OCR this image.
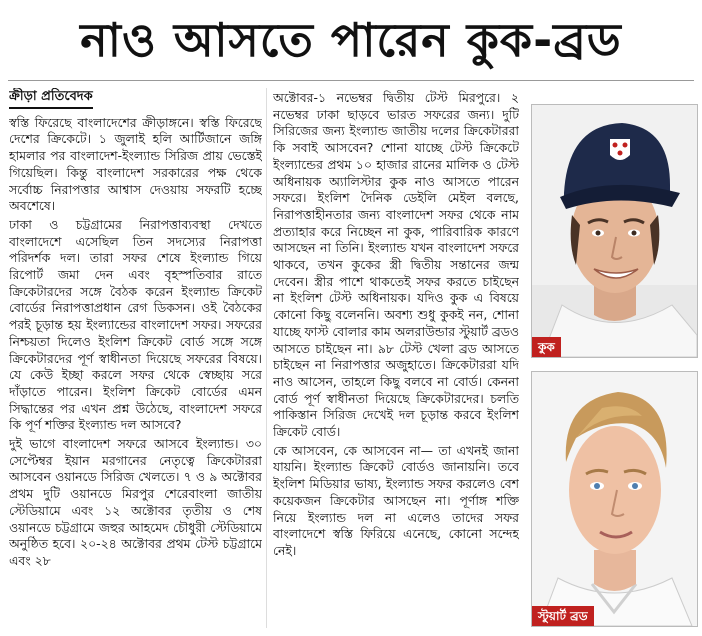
নাও আসতে পারেন কুক-ব্রড
ক্রীড়া প্রতিবেদক

স্বস্তি ফিরেছে বাংলাদেশের ক্রীড়াঙ্গনে। স্বস্তি ফিরেছে দেশের ক্রিকেটে। ১ জুলাই হলি আর্টিজানে জঙ্গি হামলার পর বাংলাদেশ-ইংল্যান্ড সিরিজ প্রায় ভেস্তেই গিয়েছিল। কিন্তু বাংলাদেশ সরকারের পক্ষ থেকে সর্বোচ্চ নিরাপত্তার আশ্বাস দেওয়ায় সফরটি হচ্ছে অবশেষে।

ঢাকা ও চট্টগ্রামের নিরাপত্তাব্যবস্থা দেখতে বাংলাদেশে এসেছিল তিন সদস্যের নিরাপত্তা পরিদর্শক দল। তারা সফর শেষে ইংল্যান্ড গিয়ে রিপোর্ট জমা দেন এবং বৃহস্পতিবার রাতে ক্রিকেটারদের সঙ্গে বৈঠক করেন ইংল্যান্ড ক্রিকেট বোর্ডের নিরাপত্তাপ্রধান রেগ ডিকসন। ওই বৈঠকের পরই চূড়ান্ত হয় ইংল্যান্ডের বাংলাদেশ সফর। সফরের নিশ্চয়তা দিলেও ইংলিশ ক্রিকেট বোর্ড সঙ্গে সঙ্গে ক্রিকেটারদের পূর্ণ স্বাধীনতা দিয়েছে সফরের বিষয়ে। যে কেউ ইচ্ছা করলে সফর থেকে স্বেচ্ছায় সরে দাঁড়াতে পারেন। ইংলিশ ক্রিকেট বোর্ডের এমন সিদ্ধান্তের পর এখন প্রশ্ন উঠেছে, বাংলাদেশ সফরে কি পূর্ণ শক্তির ইংল্যান্ড দল আসবে?

দুই ভাগে বাংলাদেশ সফরে আসবে ইংল্যান্ড। ৩০ সেপ্টেম্বর ইয়ান মরগানের নেতৃত্বে ক্রিকেটাররা আসবেন ওয়ানডে সিরিজ খেলতে। ৭ ও ৯ অক্টোবর প্রথম দুটি ওয়ানডে মিরপুর শেরেবাংলা জাতীয় স্টেডিয়ামে এবং ১২ অক্টোবর তৃতীয় ও শেষ ওয়ানডে চট্টগ্রামে জহুর আহমেদ চৌধুরী স্টেডিয়ামে অনুষ্ঠিত হবে। ২০-২৪ অক্টোবর প্রথম টেস্ট চট্টগ্রামে এবং ২৮

অক্টোবর-১ নভেম্বর দ্বিতীয় টেস্ট মিরপুরে। ২ নভেম্বর ঢাকা ছাড়বে ভারত সফরের জন্য। দুটি সিরিজের জন্য ইংল্যান্ড জাতীয় দলের ক্রিকেটাররা কি সবাই আসবেন? শোনা যাচ্ছে টেস্ট ক্রিকেটে ইংল্যান্ডের প্রথম ১০ হাজার রানের মালিক ও টেস্ট অধিনায়ক অ্যালিস্টার কুক নাও আসতে পারেন সফরে। ইংলিশ দৈনিক ডেইলি মেইল বলছে, নিরাপত্তাহীনতার জন্য বাংলাদেশ সফর থেকে নাম প্রত্যাহার করে নিচ্ছেন না কুক, পারিবারিক কারণে আসছেন না তিনি। ইংল্যান্ড যখন বাংলাদেশ সফরে থাকবে, তখন কুকের স্ত্রী দ্বিতীয় সন্তানের জন্ম দেবেন। স্ত্রীর পাশে থাকতেই সফর করতে চাইছেন না ইংলিশ টেস্ট অধিনায়ক। যদিও কুক এ বিষয়ে কোনো কিছু বলেননি। অবশ্য শুধু কুকই নন, শোনা যাচ্ছে ফাস্ট বোলার কাম অলরাউন্ডার স্টুয়ার্ট ব্রডও আসতে চাইছেন না। ৯৮ টেস্ট খেলা ব্রড আসতে চাইছেন না নিরাপত্তার অজুহাতে। ক্রিকেটাররা যদি নাও আসেন, তাহলে কিছু বলবে না বোর্ড। কেননা বোর্ড পূর্ণ স্বাধীনতা দিয়েছে ক্রিকেটারদের। চলতি পাকিস্তান সিরিজ দেখেই দল চূড়ান্ত করবে ইংলিশ ক্রিকেট বোর্ড।

কে আসবেন, কে আসবেন না— তা এখনই জানা যায়নি। ইংল্যান্ড ক্রিকেট বোর্ডও জানায়নি। তবে ইংলিশ মিডিয়ার ভাষ্য, ইংল্যান্ড সফর করলেও বেশ কয়েকজন ক্রিকেটার আসছেন না। পূর্ণাঙ্গ শক্তি নিয়ে ইংল্যান্ড দল না এলেও তাদের সফর বাংলাদেশে স্বস্তি ফিরিয়ে এনেছে, কোনো সন্দেহ নেই।

কুক
স্টুয়ার্ট ব্রড
